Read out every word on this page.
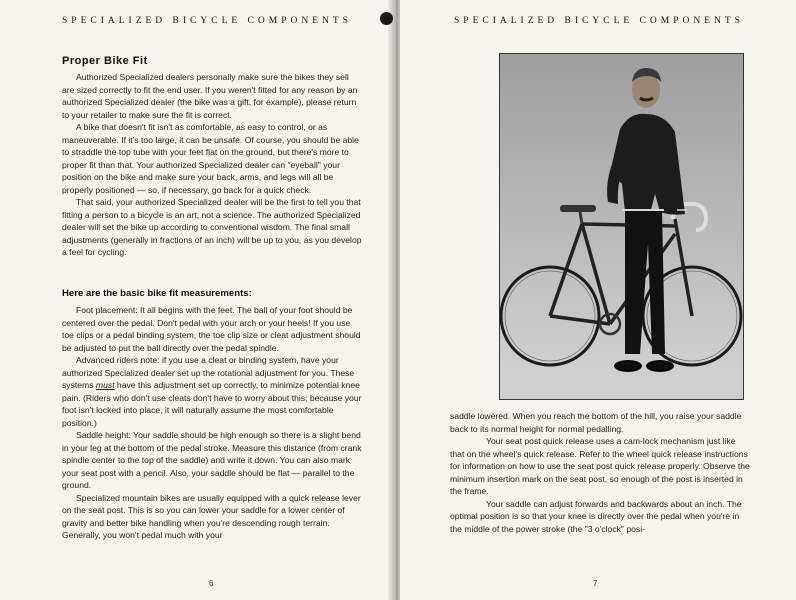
SPECIALIZED BICYCLE COMPONENTS
Proper Bike Fit

Authorized Specialized dealers personally make sure the bikes they sell are sized correctly to fit the end user. If you weren't fitted for any reason by an authorized Specialized dealer (the bike was a gift, for example), please return to your retailer to make sure the fit is correct.

A bike that doesn't fit isn't as comfortable, as easy to control, or as maneuverable. If it's too large, it can be unsafe. Of course, you should be able to straddle the top tube with your feet flat on the ground, but there's more to proper fit than that. Your authorized Specialized dealer can "eyeball" your position on the bike and make sure your back, arms, and legs will all be properly positioned — so, if necessary, go back for a quick check.

That said, your authorized Specialized dealer will be the first to tell you that fitting a person to a bicycle is an art, not a science. The authorized Specialized dealer will set the bike up according to conventional wisdom. The final small adjustments (generally in fractions of an inch) will be up to you, as you develop a feel for cycling.

Here are the basic bike fit measurements:

Foot placement: It all begins with the feet. The ball of your foot should be centered over the pedal. Don't pedal with your arch or your heels! If you use toe clips or a pedal binding system, the toe clip size or cleat adjustment should be adjusted to put the ball directly over the pedal spindle.

Advanced riders note: if you use a cleat or binding system, have your authorized Specialized dealer set up the rotational adjustment for you. These systems must have this adjustment set up correctly, to minimize potential knee pain. (Riders who don't use cleats don't have to worry about this; because your foot isn't locked into place, it will naturally assume the most comfortable position.)

Saddle height: Your saddle should be high enough so there is a slight bend in your leg at the bottom of the pedal stroke. Measure this distance (from crank spindle center to the top of the saddle) and write it down. You can also mark your seat post with a pencil. Also, your saddle should be flat — parallel to the ground.

Specialized mountain bikes are usually equipped with a quick release lever on the seat post. This is so you can lower your saddle for a lower center of gravity and better bike handling when you're descending rough terrain. Generally, you won't pedal much with your

6
SPECIALIZED BICYCLE COMPONENTS

saddle lowered. When you reach the bottom of the hill, you raise your saddle back to its normal height for normal pedalling.

Your seat post quick release uses a cam-lock mechanism just like that on the wheel's quick release. Refer to the wheel quick release instructions for information on how to use the seat post quick release properly. Observe the minimum insertion mark on the seat post, so enough of the post is inserted in the frame.

Your saddle can adjust forwards and backwards about an inch. The optimal position is so that your knee is directly over the pedal when you're in the middle of the power stroke (the "3 o'clock" posi-

7
